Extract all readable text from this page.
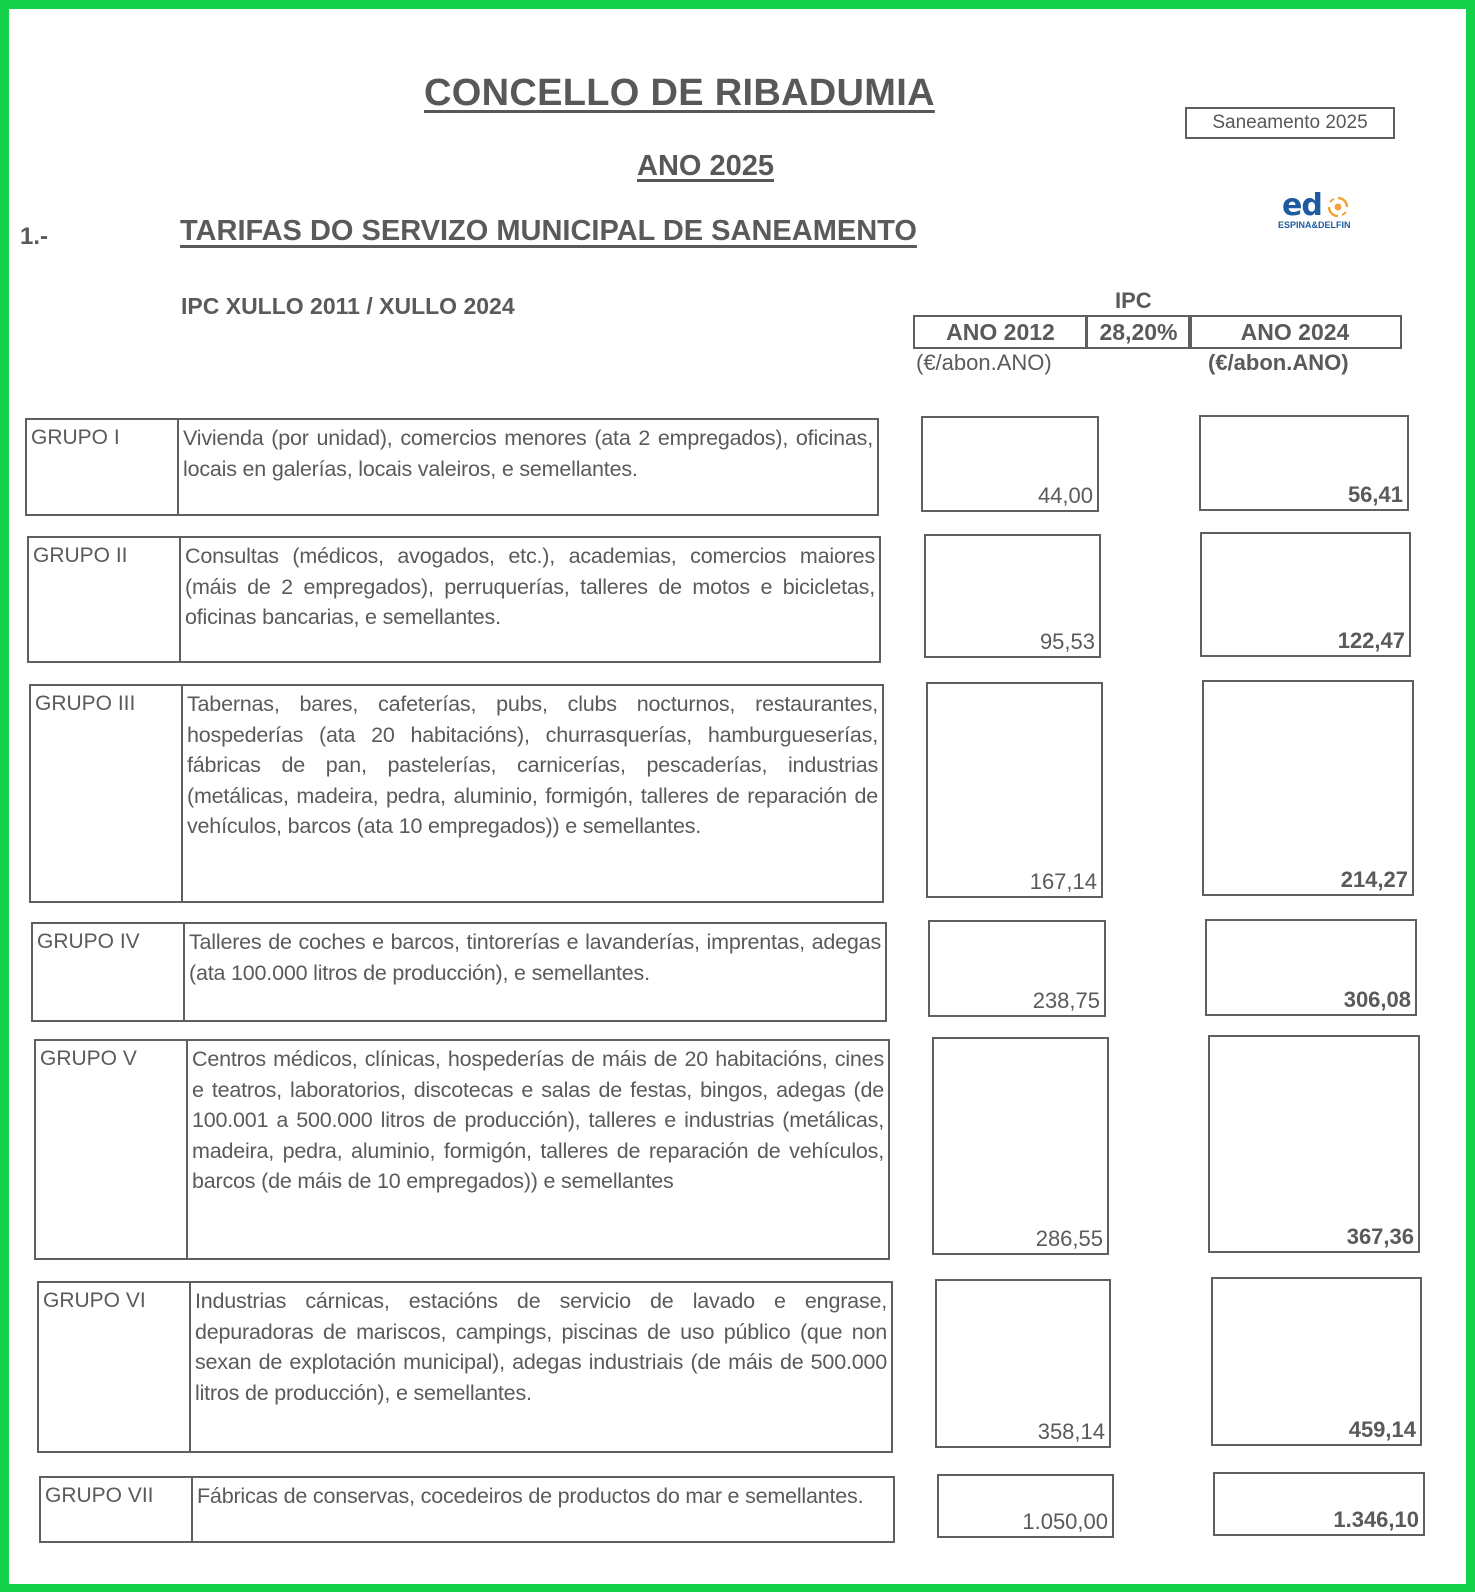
CONCELLO DE RIBADUMIA
ANO 2025
Saneamento 2025
ed
ESPINA&DELFIN
1.-	TARIFAS DO SERVIZO MUNICIPAL DE SANEAMENTO
IPC XULLO 2011 / XULLO 2024	IPC
ANO 2012	28,20%	ANO 2024
(€/abon.ANO)	(€/abon.ANO)
GRUPO I	Vivienda (por unidad), comercios menores (ata 2 empregados), oficinas, locais en galerías, locais valeiros, e semellantes.
44,00	56,41
GRUPO II	Consultas (médicos, avogados, etc.), academias, comercios maiores (máis de 2 empregados), perruquerías, talleres de motos e bicicletas, oficinas bancarias, e semellantes.
95,53	122,47
GRUPO III	Tabernas, bares, cafeterías, pubs, clubs nocturnos, restaurantes, hospederías (ata 20 habitacións), churrasquerías, hamburgueserías, fábricas de pan, pastelerías, carnicerías, pescaderías, industrias (metálicas, madeira, pedra, aluminio, formigón, talleres de reparación de vehículos, barcos (ata 10 empregados)) e semellantes.
167,14	214,27
GRUPO IV	Talleres de coches e barcos, tintorerías e lavanderías, imprentas, adegas (ata 100.000 litros de producción), e semellantes.
238,75	306,08
GRUPO V	Centros médicos, clínicas, hospederías de máis de 20 habitacións, cines e teatros, laboratorios, discotecas e salas de festas, bingos, adegas (de 100.001 a 500.000 litros de producción), talleres e industrias (metálicas, madeira, pedra, aluminio, formigón, talleres de reparación de vehículos, barcos (de máis de 10 empregados)) e semellantes
286,55	367,36
GRUPO VI	Industrias cárnicas, estacións de servicio de lavado e engrase, depuradoras de mariscos, campings, piscinas de uso público (que non sexan de explotación municipal), adegas industriais (de máis de 500.000 litros de producción), e semellantes.
358,14	459,14
GRUPO VII	Fábricas de conservas, cocedeiros de productos do mar e semellantes.
1.050,00	1.346,10
